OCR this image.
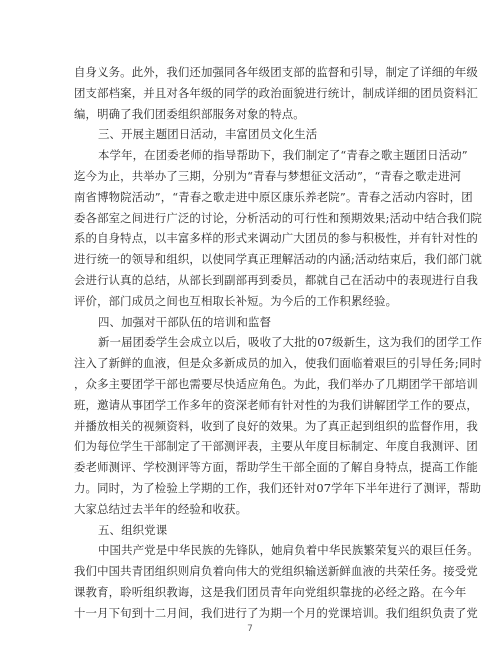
自身义务。此外，我们还加强同各年级团支部的监督和引导，制定了详细的年级
团支部档案，并且对各年级的同学的政治面貌进行统计，制成详细的团员资料汇
编，明确了我们团委组织部服务对象的特点。
三、开展主题团日活动，丰富团员文化生活
本学年，在团委老师的指导帮助下，我们制定了“青春之歌主题团日活动”
迄今为止，共举办了三期，分别为“青春与梦想征文活动”，“青春之歌走进河
南省博物院活动”，“青春之歌走进中原区康乐养老院”。青春之活动内容时，团
委各部室之间进行广泛的讨论，分析活动的可行性和预期效果;活动中结合我们院
系的自身特点，以丰富多样的形式来调动广大团员的参与积极性，并有针对性的
进行统一的领导和组织，以使同学真正理解活动的内涵;活动结束后，我们部门就
会进行认真的总结，从部长到副部再到委员，都就自己在活动中的表现进行自我
评价，部门成员之间也互相取长补短。为今后的工作积累经验。
四、加强对干部队伍的培训和监督
新一届团委学生会成立以后，吸收了大批的07级新生，这为我们的团学工作
注入了新鲜的血液，但是众多新成员的加入，使我们面临着艰巨的引导任务;同时
，众多主要团学干部也需要尽快适应角色。为此，我们举办了几期团学干部培训
班，邀请从事团学工作多年的资深老师有针对性的为我们讲解团学工作的要点，
并播放相关的视频资料，收到了良好的效果。为了真正起到组织的监督作用，我
们为每位学生干部制定了干部测评表，主要从年度目标制定、年度自我测评、团
委老师测评、学校测评等方面，帮助学生干部全面的了解自身特点，提高工作能
力。同时，为了检验上学期的工作，我们还针对07学年下半年进行了测评，帮助
大家总结过去半年的经验和收获。
五、组织党课
中国共产党是中华民族的先锋队，她肩负着中华民族繁荣复兴的艰巨任务。
我们中国共青团组织则肩负着向伟大的党组织输送新鲜血液的共荣任务。接受党
课教育，聆听组织教诲，这是我们团员青年向党组织靠拢的必经之路。在今年
十一月下旬到十二月间，我们进行了为期一个月的党课培训。我们组织负责了党
7
